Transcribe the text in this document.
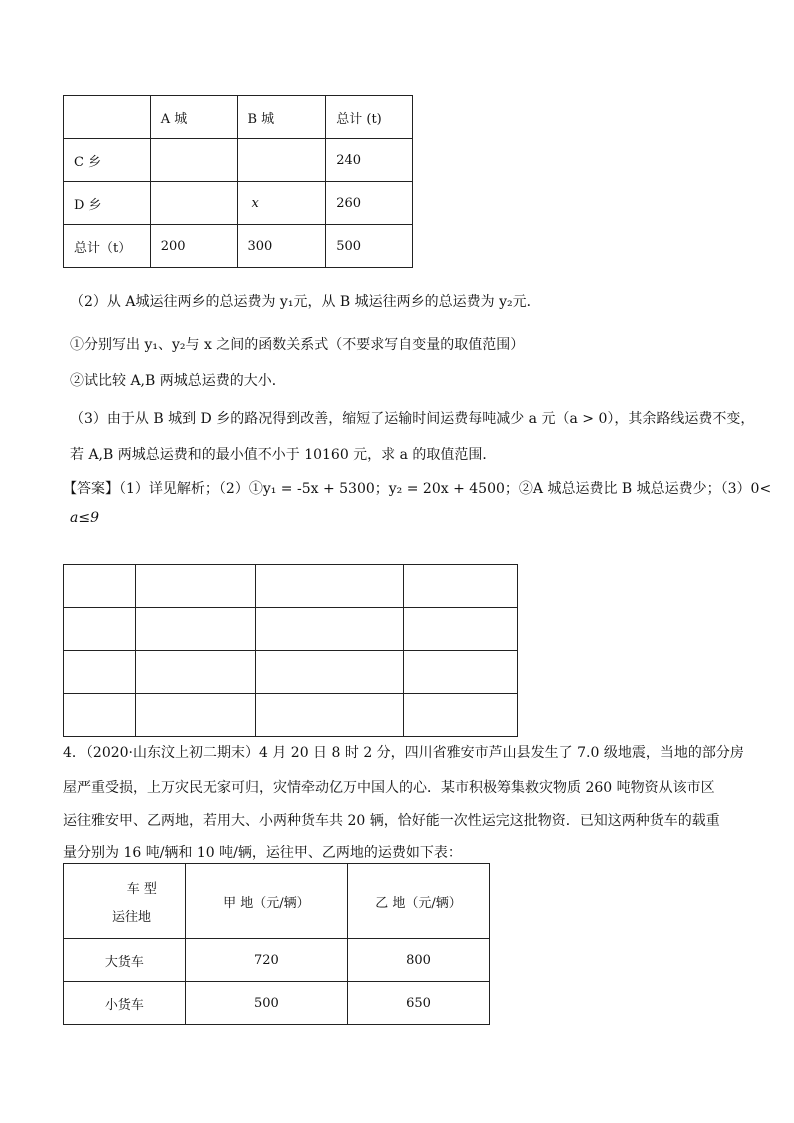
	A 城	B 城	总计 (t)
C 乡			240
D 乡		x	260
总计（t）	200	300	500
（2）从 A城运往两乡的总运费为 y₁元，从 B 城运往两乡的总运费为 y₂元．
①分别写出 y₁、y₂与 x 之间的函数关系式（不要求写自变量的取值范围）
②试比较 A,B 两城总运费的大小．
（3）由于从 B 城到 D 乡的路况得到改善，缩短了运输时间运费每吨减少 a 元（a > 0），其余路线运费不变，
若 A,B 两城总运费和的最小值不小于 10160 元，求 a 的取值范围．
【答案】（1）详见解析；（2）①y₁ = -5x + 5300；y₂ = 20x + 4500；②A 城总运费比 B 城总运费少；（3）0<
a≤9

4．（2020·山东汶上初二期末）4 月 20 日 8 时 2 分，四川省雅安市芦山县发生了 7.0 级地震，当地的部分房
屋严重受损，上万灾民无家可归，灾情牵动亿万中国人的心．某市积极筹集救灾物质 260 吨物资从该市区
运往雅安甲、乙两地，若用大、小两种货车共 20 辆，恰好能一次性运完这批物资．已知这两种货车的载重
量分别为 16 吨/辆和 10 吨/辆，运往甲、乙两地的运费如下表：
车 型
运往地	甲 地（元/辆）	乙 地（元/辆）
大货车	720	800
小货车	500	650
